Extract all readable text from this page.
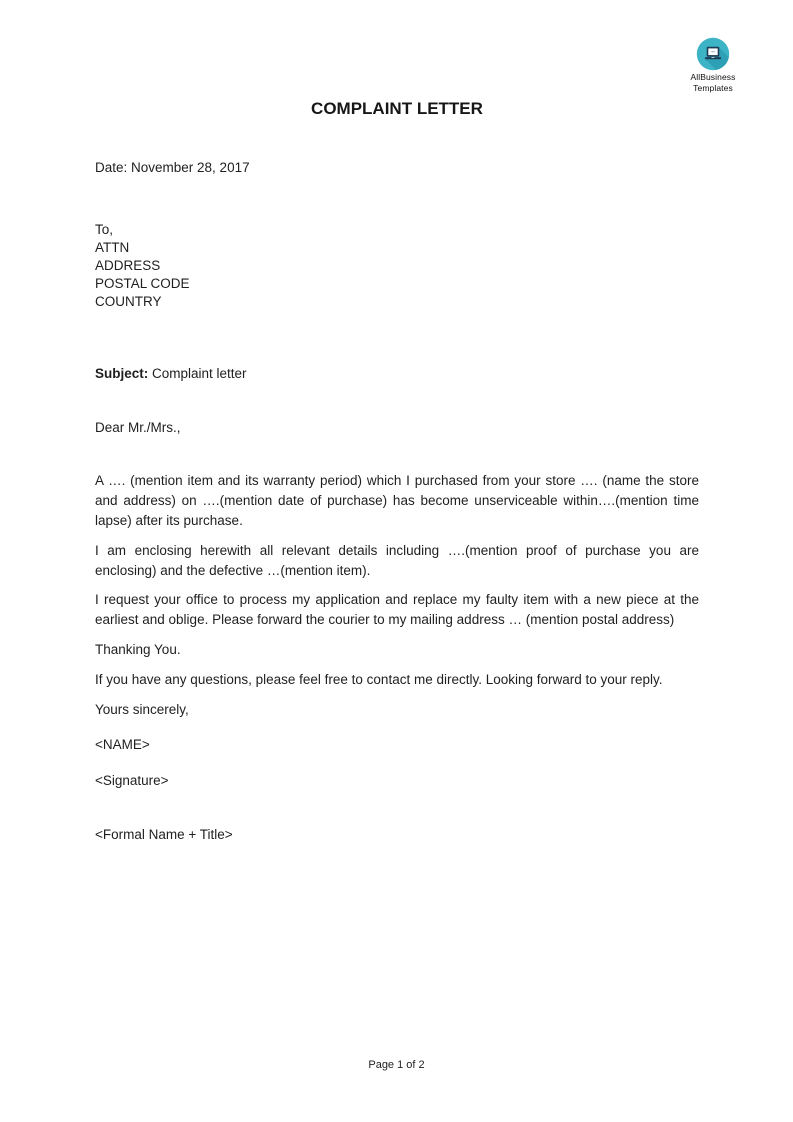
AllBusiness
Templates
COMPLAINT LETTER
Date: November 28, 2017
To,
ATTN
ADDRESS
POSTAL CODE
COUNTRY
Subject: Complaint letter
Dear Mr./Mrs.,
A …. (mention item and its warranty period) which I purchased from your store …. (name the store and address) on ….(mention date of purchase) has become unserviceable within….(mention time lapse) after its purchase.
I am enclosing herewith all relevant details including ….(mention proof of purchase you are enclosing) and the defective …(mention item).
I request your office to process my application and replace my faulty item with a new piece at the earliest and oblige. Please forward the courier to my mailing address … (mention postal address)
Thanking You.
If you have any questions, please feel free to contact me directly. Looking forward to your reply.
Yours sincerely,
<NAME>
<Signature>
<Formal Name + Title>
Page 1 of 2
